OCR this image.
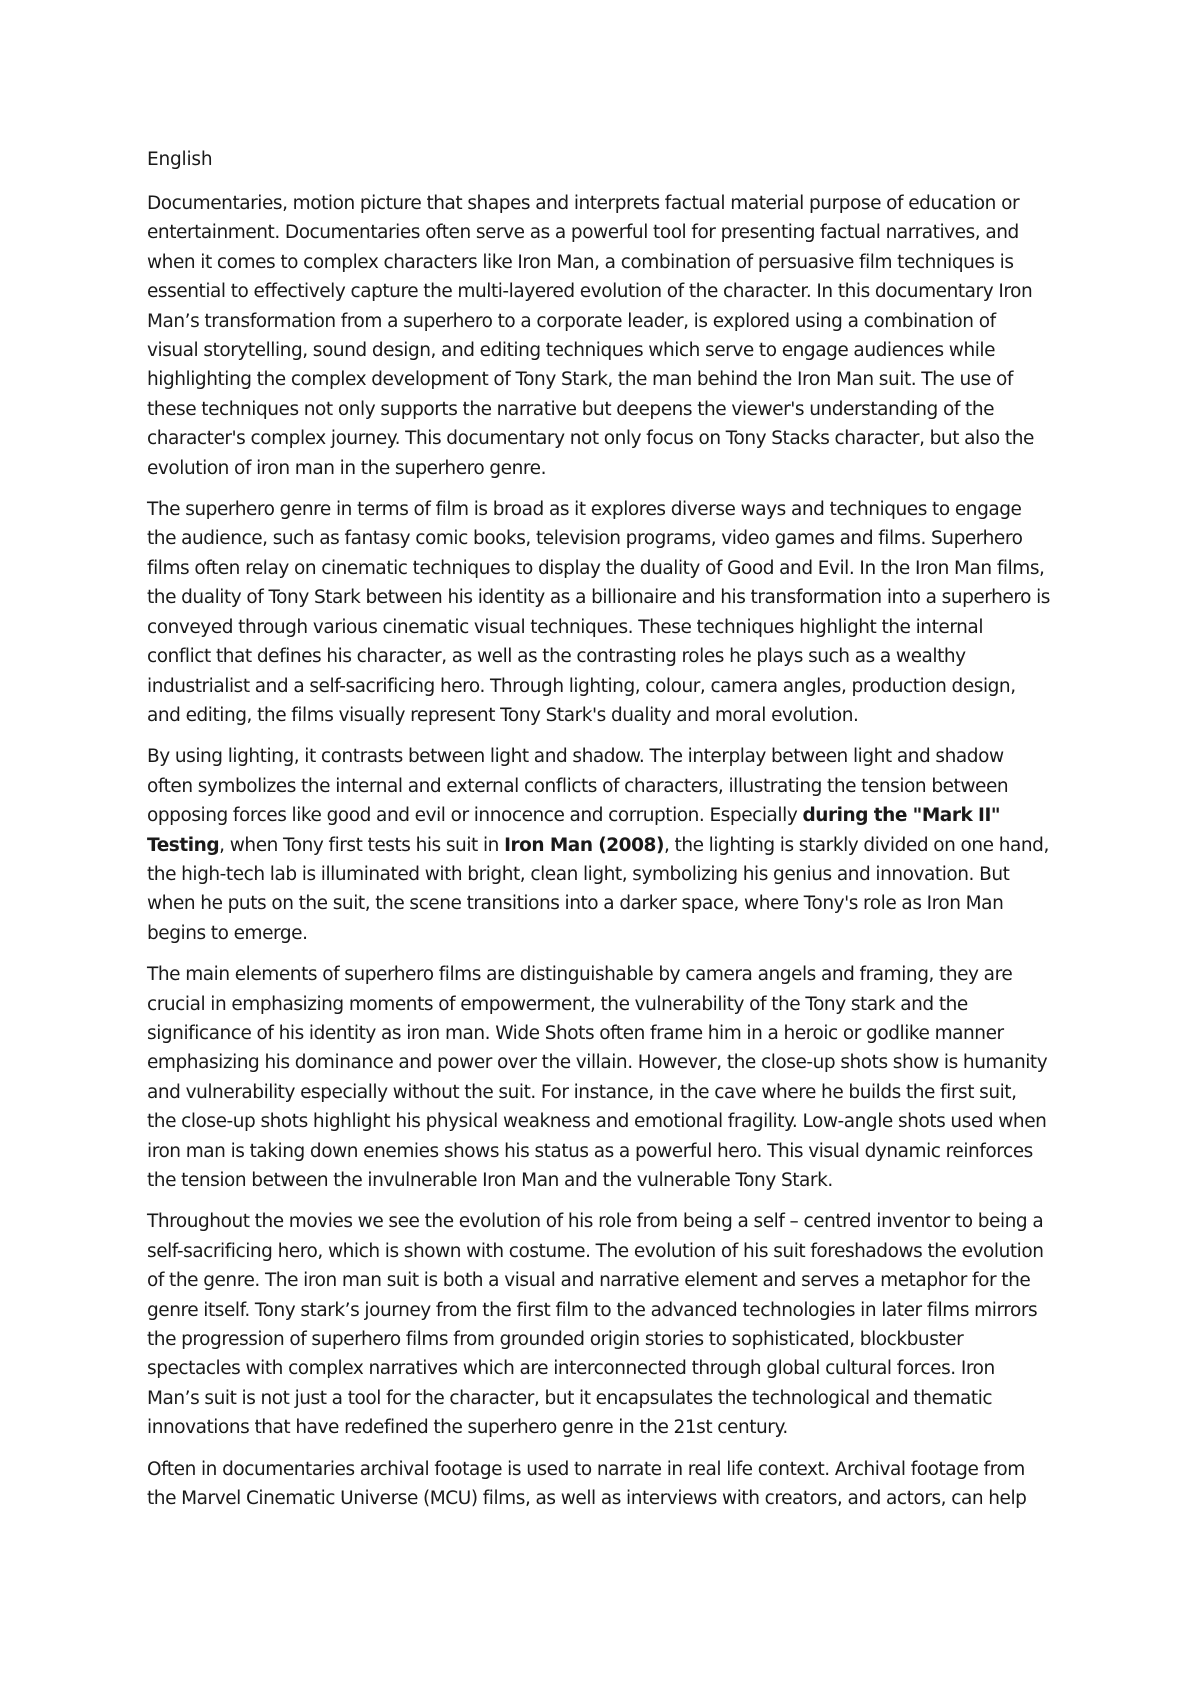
English

Documentaries, motion picture that shapes and interprets factual material purpose of education or entertainment. Documentaries often serve as a powerful tool for presenting factual narratives, and when it comes to complex characters like Iron Man, a combination of persuasive film techniques is essential to effectively capture the multi-layered evolution of the character. In this documentary Iron Man’s transformation from a superhero to a corporate leader, is explored using a combination of visual storytelling, sound design, and editing techniques which serve to engage audiences while highlighting the complex development of Tony Stark, the man behind the Iron Man suit. The use of these techniques not only supports the narrative but deepens the viewer's understanding of the character's complex journey. This documentary not only focus on Tony Stacks character, but also the evolution of iron man in the superhero genre.

The superhero genre in terms of film is broad as it explores diverse ways and techniques to engage the audience, such as fantasy comic books, television programs, video games and films. Superhero films often relay on cinematic techniques to display the duality of Good and Evil. In the Iron Man films, the duality of Tony Stark between his identity as a billionaire and his transformation into a superhero is conveyed through various cinematic visual techniques. These techniques highlight the internal conflict that defines his character, as well as the contrasting roles he plays such as a wealthy industrialist and a self-sacrificing hero. Through lighting, colour, camera angles, production design, and editing, the films visually represent Tony Stark's duality and moral evolution.

By using lighting, it contrasts between light and shadow. The interplay between light and shadow often symbolizes the internal and external conflicts of characters, illustrating the tension between opposing forces like good and evil or innocence and corruption. Especially during the "Mark II" Testing, when Tony first tests his suit in Iron Man (2008), the lighting is starkly divided on one hand, the high-tech lab is illuminated with bright, clean light, symbolizing his genius and innovation. But when he puts on the suit, the scene transitions into a darker space, where Tony's role as Iron Man begins to emerge.

The main elements of superhero films are distinguishable by camera angels and framing, they are crucial in emphasizing moments of empowerment, the vulnerability of the Tony stark and the significance of his identity as iron man. Wide Shots often frame him in a heroic or godlike manner emphasizing his dominance and power over the villain. However, the close-up shots show is humanity and vulnerability especially without the suit. For instance, in the cave where he builds the first suit, the close-up shots highlight his physical weakness and emotional fragility. Low-angle shots used when iron man is taking down enemies shows his status as a powerful hero. This visual dynamic reinforces the tension between the invulnerable Iron Man and the vulnerable Tony Stark.

Throughout the movies we see the evolution of his role from being a self – centred inventor to being a self-sacrificing hero, which is shown with costume. The evolution of his suit foreshadows the evolution of the genre. The iron man suit is both a visual and narrative element and serves a metaphor for the genre itself. Tony stark’s journey from the first film to the advanced technologies in later films mirrors the progression of superhero films from grounded origin stories to sophisticated, blockbuster spectacles with complex narratives which are interconnected through global cultural forces. Iron Man’s suit is not just a tool for the character, but it encapsulates the technological and thematic innovations that have redefined the superhero genre in the 21st century.

Often in documentaries archival footage is used to narrate in real life context. Archival footage from the Marvel Cinematic Universe (MCU) films, as well as interviews with creators, and actors, can help
